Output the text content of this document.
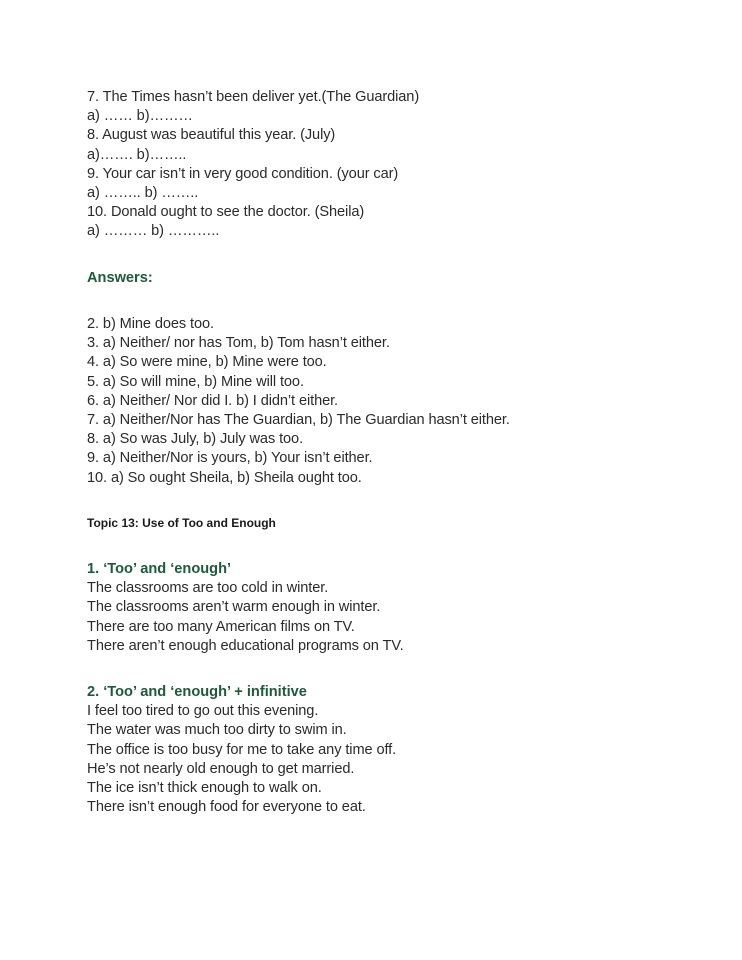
7. The Times hasn’t been deliver yet.(The Guardian)
a) …… b)………
8. August was beautiful this year. (July)
a)……. b)……..
9. Your car isn’t in very good condition. (your car)
a) …….. b) ……..
10. Donald ought to see the doctor. (Sheila)
a) ……… b) ………..
Answers:
2. b) Mine does too.
3. a) Neither/ nor has Tom, b) Tom hasn’t either.
4. a) So were mine, b) Mine were too.
5. a) So will mine, b) Mine will too.
6. a) Neither/ Nor did I. b) I didn’t either.
7. a) Neither/Nor has The Guardian, b) The Guardian hasn’t either.
8. a) So was July, b) July was too.
9. a) Neither/Nor is yours, b) Your isn’t either.
10. a) So ought Sheila, b) Sheila ought too.
Topic 13: Use of Too and Enough
1. ‘Too’ and ‘enough’
The classrooms are too cold in winter.
The classrooms aren’t warm enough in winter.
There are too many American films on TV.
There aren’t enough educational programs on TV.
2. ‘Too’ and ‘enough’ + infinitive
I feel too tired to go out this evening.
The water was much too dirty to swim in.
The office is too busy for me to take any time off.
He’s not nearly old enough to get married.
The ice isn’t thick enough to walk on.
There isn’t enough food for everyone to eat.
